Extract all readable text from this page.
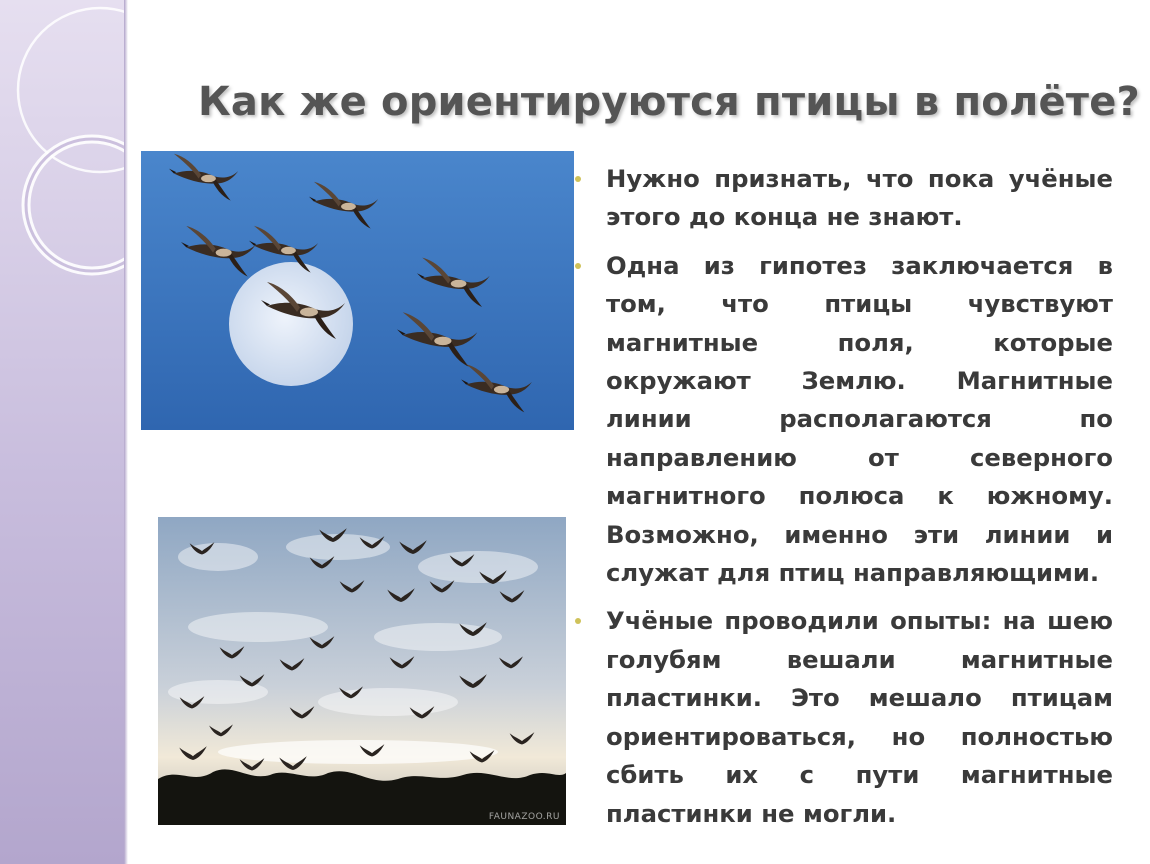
Как же ориентируются птицы в полёте?
FAUNAZOO.RU
Нужно признать, что пока учёные этого до конца не знают.
Одна из гипотез заключается в том, что птицы чувствуют магнитные поля, которые окружают Землю. Магнитные линии располагаются по направлению от северного магнитного полюса к южному. Возможно, именно эти линии и служат для птиц направляющими.
Учёные проводили опыты: на шею голубям вешали магнитные пластинки. Это мешало птицам ориентироваться, но полностью сбить их с пути магнитные пластинки не могли.
